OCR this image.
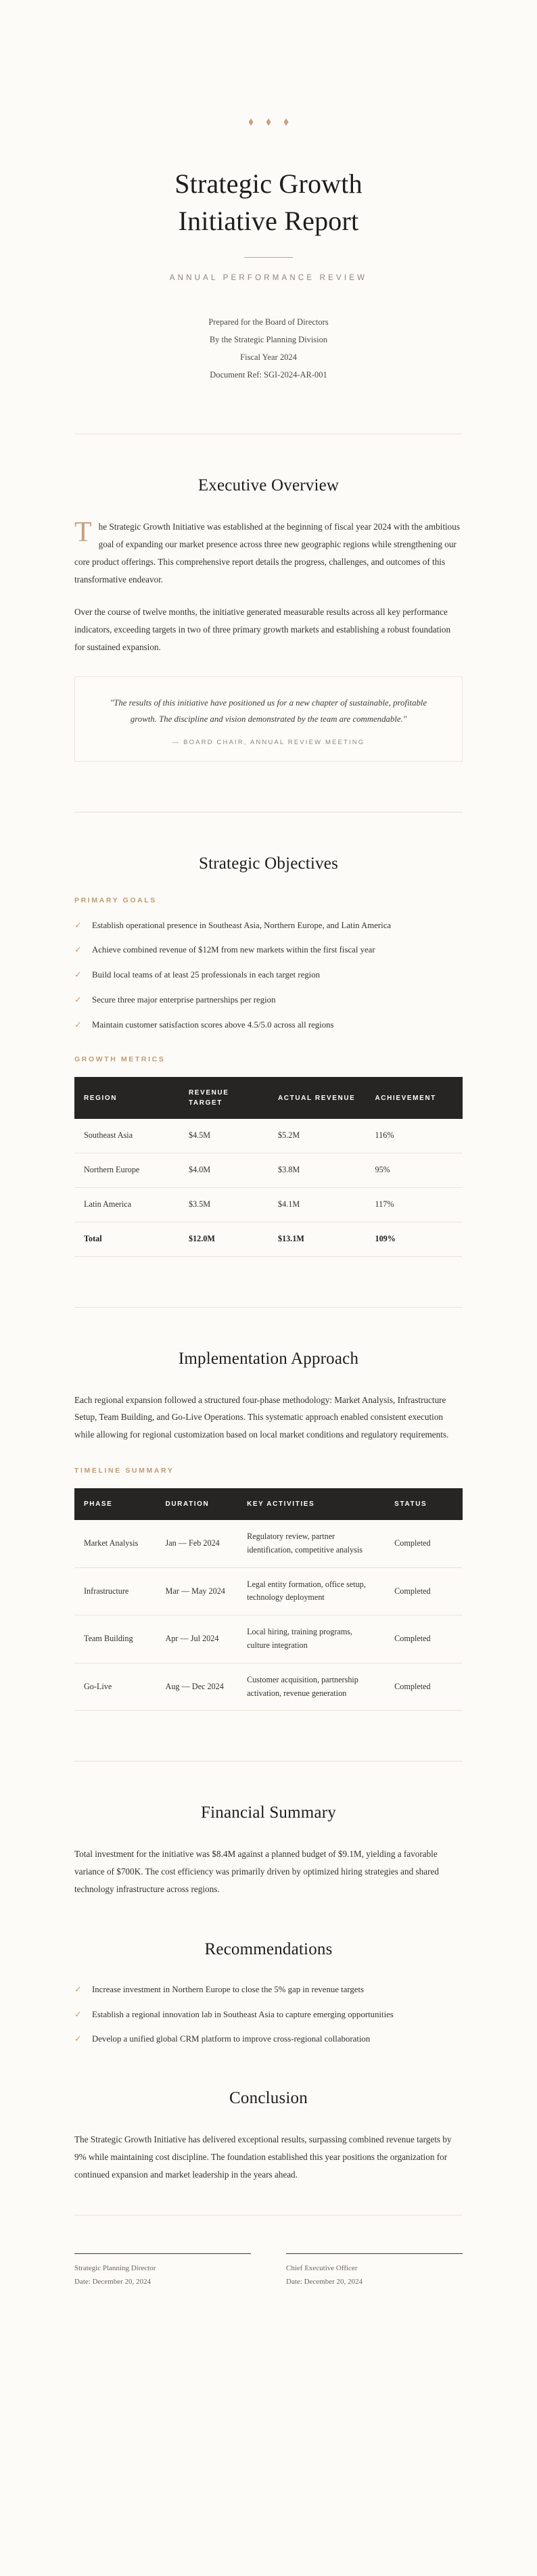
Strategic Growth
Initiative Report
ANNUAL PERFORMANCE REVIEW
Prepared for the Board of Directors
By the Strategic Planning Division
Fiscal Year 2024
Document Ref: SGI-2024-AR-001
Executive Overview

The Strategic Growth Initiative was established at the beginning of fiscal year 2024 with the ambitious goal of expanding our market presence across three new geographic regions while strengthening our core product offerings. This comprehensive report details the progress, challenges, and outcomes of this transformative endeavor.

Over the course of twelve months, the initiative generated measurable results across all key performance indicators, exceeding targets in two of three primary growth markets and establishing a robust foundation for sustained expansion.

"The results of this initiative have positioned us for a new chapter of sustainable, profitable growth. The discipline and vision demonstrated by the team are commendable."

— BOARD CHAIR, ANNUAL REVIEW MEETING

Strategic Objectives
PRIMARY GOALS
✓ Establish operational presence in Southeast Asia, Northern Europe, and Latin America
✓ Achieve combined revenue of $12M from new markets within the first fiscal year
✓ Build local teams of at least 25 professionals in each target region
✓ Secure three major enterprise partnerships per region
✓ Maintain customer satisfaction scores above 4.5/5.0 across all regions
GROWTH METRICS
REGION	REVENUE TARGET	ACTUAL REVENUE	ACHIEVEMENT
Southeast Asia	$4.5M	$5.2M	116%
Northern Europe	$4.0M	$3.8M	95%
Latin America	$3.5M	$4.1M	117%
Total	$12.0M	$13.1M	109%
Implementation Approach

Each regional expansion followed a structured four-phase methodology: Market Analysis, Infrastructure Setup, Team Building, and Go-Live Operations. This systematic approach enabled consistent execution while allowing for regional customization based on local market conditions and regulatory requirements.

TIMELINE SUMMARY
PHASE	DURATION	KEY ACTIVITIES	STATUS
Market Analysis	Jan — Feb 2024	Regulatory review, partner identification, competitive analysis	Completed
Infrastructure	Mar — May 2024	Legal entity formation, office setup, technology deployment	Completed
Team Building	Apr — Jul 2024	Local hiring, training programs, culture integration	Completed
Go-Live	Aug — Dec 2024	Customer acquisition, partnership activation, revenue generation	Completed
Financial Summary

Total investment for the initiative was $8.4M against a planned budget of $9.1M, yielding a favorable variance of $700K. The cost efficiency was primarily driven by optimized hiring strategies and shared technology infrastructure across regions.

Recommendations
✓ Increase investment in Northern Europe to close the 5% gap in revenue targets
✓ Establish a regional innovation lab in Southeast Asia to capture emerging opportunities
✓ Develop a unified global CRM platform to improve cross-regional collaboration
Conclusion

The Strategic Growth Initiative has delivered exceptional results, surpassing combined revenue targets by 9% while maintaining cost discipline. The foundation established this year positions the organization for continued expansion and market leadership in the years ahead.

Strategic Planning Director
Date: December 20, 2024
Chief Executive Officer
Date: December 20, 2024
